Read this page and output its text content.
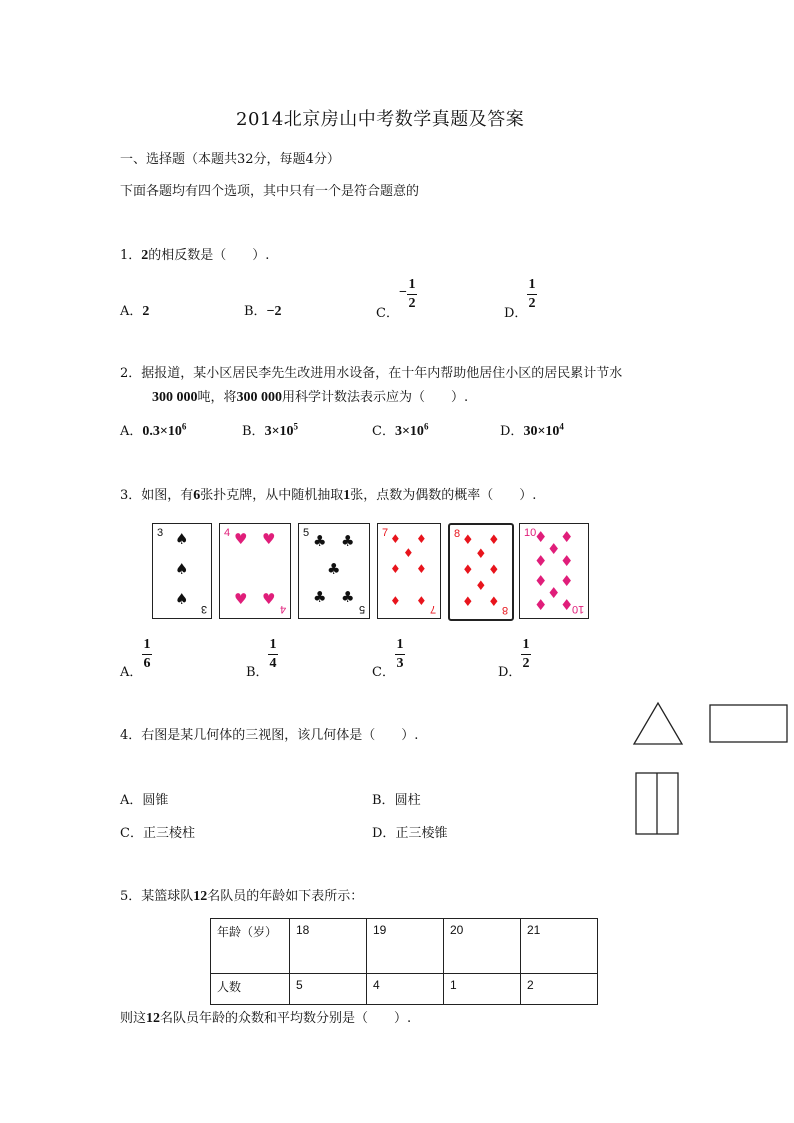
2014北京房山中考数学真题及答案
一、选择题（本题共32分，每题4分）
下面各题均有四个选项，其中只有一个是符合题意的
1．2的相反数是（　　）.
A．2	B．−2	C．
−
1
2
D．
1
2
2．据报道，某小区居民李先生改进用水设备，在十年内帮助他居住小区的居民累计节水
300 000吨，将300 000用科学计数法表示应为（　　）.
A．$0.3\times 10^6$	B．$3\times 10^5$	C．$3\times 10^6$	D．$30\times 10^4$
3．如图，有6张扑克牌，从中随机抽取1张，点数为偶数的概率（　　）.
3
3
♠
♠
♠
4
4
♥ ♥
♥ ♥
5
5
♣ ♣
♣
♣ ♣
7
7
♦ ♦
♦
♦ ♦
♦ ♦
8
8
♦ ♦
♦
♦ ♦
♦
♦ ♦
10
10
♦ ♦
♦
♦ ♦
♦ ♦
♦
♦ ♦
A．
1
6
B．
1
4
C．
1
3
D．
1
2
4．右图是某几何体的三视图，该几何体是（　　）.
A．圆锥	B．圆柱
C．正三棱柱	D．正三棱锥
5．某篮球队12名队员的年龄如下表所示：
年龄（岁）	18	19	20	21
人数	5	4	1	2
则这12名队员年龄的众数和平均数分别是（　　）.
